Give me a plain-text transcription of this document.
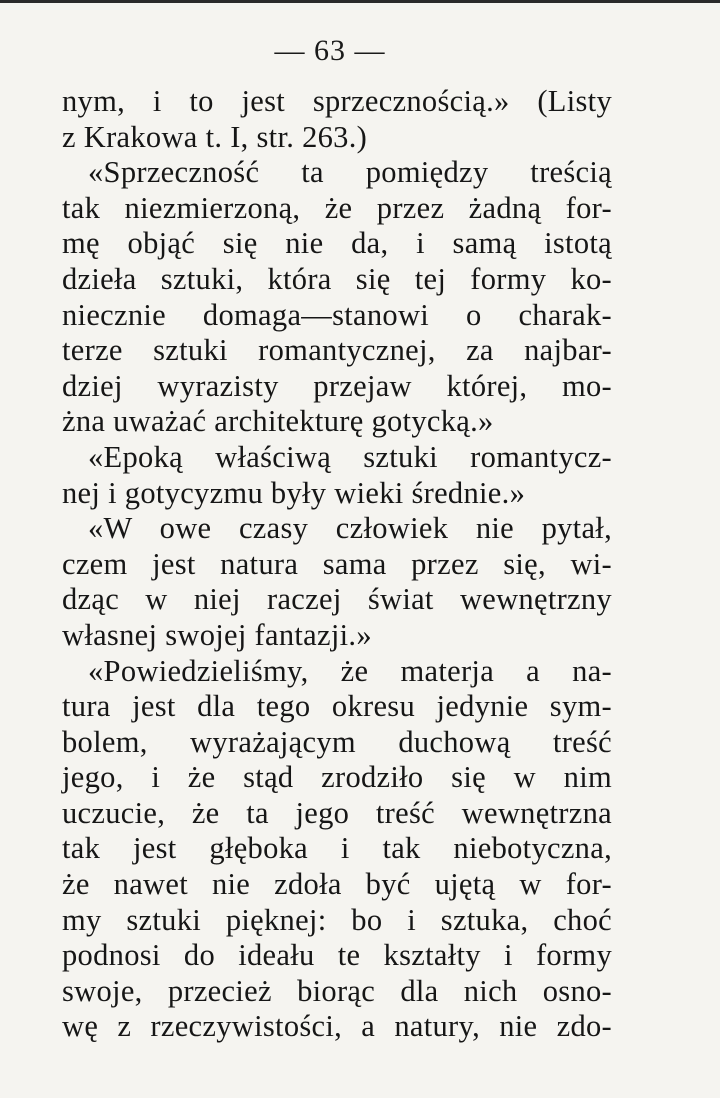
— 63 —
nym, i to jest sprzecznością.» (Listy
z Krakowa t. I, str. 263.)
«Sprzeczność ta pomiędzy treścią
tak niezmierzoną, że przez żadną for-
mę objąć się nie da, i samą istotą
dzieła sztuki, która się tej formy ko-
niecznie domaga—stanowi o charak-
terze sztuki romantycznej, za najbar-
dziej wyrazisty przejaw której, mo-
żna uważać architekturę gotycką.»
«Epoką właściwą sztuki romantycz-
nej i gotycyzmu były wieki średnie.»
«W owe czasy człowiek nie pytał,
czem jest natura sama przez się, wi-
dząc w niej raczej świat wewnętrzny
własnej swojej fantazji.»
«Powiedzieliśmy, że materja a na-
tura jest dla tego okresu jedynie sym-
bolem, wyrażającym duchową treść
jego, i że stąd zrodziło się w nim
uczucie, że ta jego treść wewnętrzna
tak jest głęboka i tak niebotyczna,
że nawet nie zdoła być ujętą w for-
my sztuki pięknej: bo i sztuka, choć
podnosi do ideału te kształty i formy
swoje, przecież biorąc dla nich osno-
wę z rzeczywistości, a natury, nie zdo-
